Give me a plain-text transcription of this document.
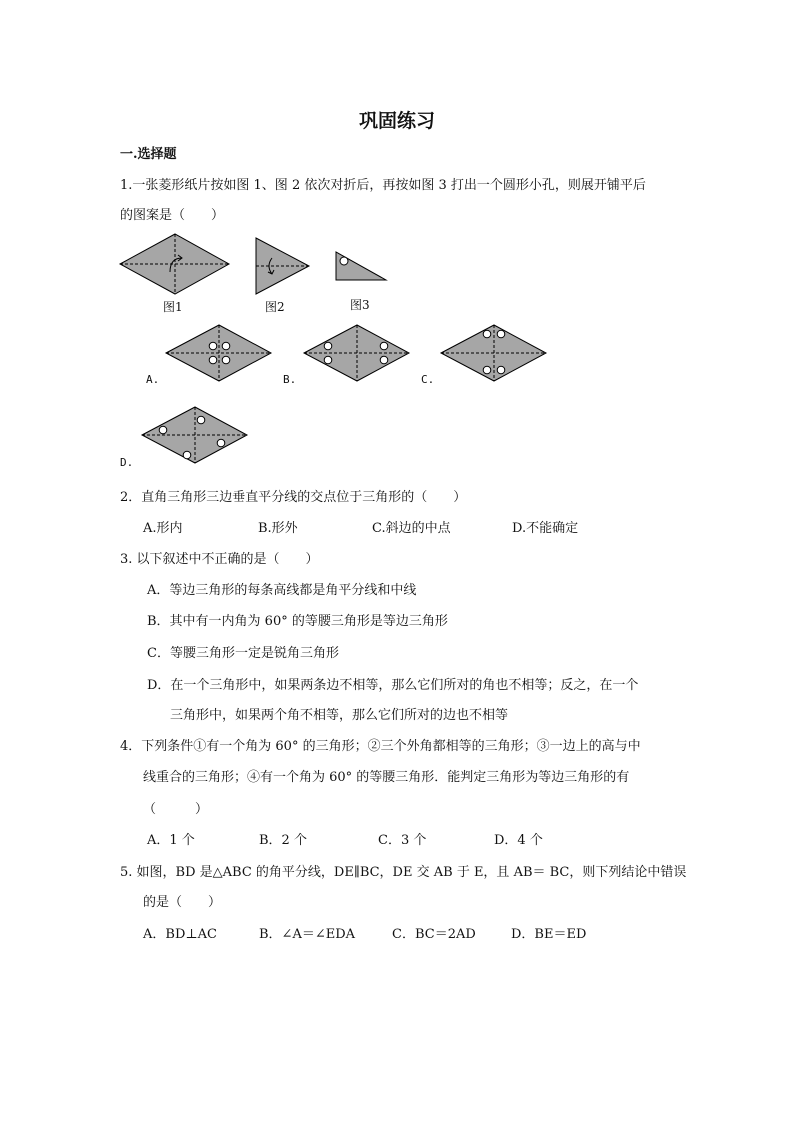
巩固练习
一.选择题
1.一张菱形纸片按如图 1、图 2 依次对折后，再按如图 3 打出一个圆形小孔，则展开铺平后
的图案是（　　）
图1	图2	图3
A.	B.	C.
D.
2．直角三角形三边垂直平分线的交点位于三角形的（　　）
A.形内	B.形外	C.斜边的中点	D.不能确定
3. 以下叙述中不正确的是（　　）
A．等边三角形的每条高线都是角平分线和中线
B．其中有一内角为 60° 的等腰三角形是等边三角形
C．等腰三角形一定是锐角三角形
D．在一个三角形中，如果两条边不相等，那么它们所对的角也不相等；反之，在一个
三角形中，如果两个角不相等，那么它们所对的边也不相等
4．下列条件①有一个角为 60° 的三角形；②三个外角都相等的三角形；③一边上的高与中
线重合的三角形；④有一个角为 60° 的等腰三角形．能判定三角形为等边三角形的有
（　　　）
A．1 个	B．2 个	C．3 个	D．4 个
5. 如图，BD 是△ABC 的角平分线，DE∥BC，DE 交 AB 于 E，且 AB＝ BC，则下列结论中错误
的是（　　）
A．BD⊥AC	B．∠A＝∠EDA	C．BC＝2AD	D．BE＝ED
